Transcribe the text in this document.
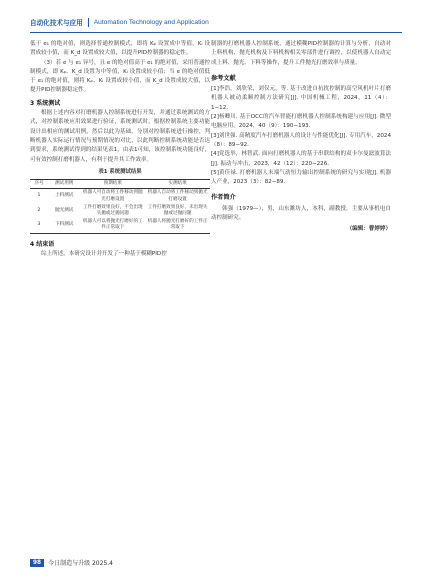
自动化技术与应用 Automation Technology and Application

低于 e₁ 的绝对值，则选择普通控制模式，即将 Kₚ 设置成中等值，Kᵢ 设置成较小值，而 K_d 设置成较大值，以提升PID控制器的稳定性。

（3）若 e 与 e₁ 异号，且 e 的绝对值高于 e₁ 的绝对值，采用普通控制模式，即 Kₚ、K_d 设置为中等值，Kᵢ 设置成较小值；当 e 的绝对值低于 e₁ 的绝对值，则将 Kₚ、Kᵢ 设置成较小值，而 K_d 设置成较大值，以提升PID控制器稳定性。

3 系统测试

根据上述内容对打磨机器人控制系统进行开发，并通过系统测试的方式，对控制系统应用效果进行验证，系统测试时，根据控制系统主要功能设计出相应的测试用例，然后以此为基础，分别对控制系统进行操控，判断机器人实际运行情况与预期情况的对比，以此判断控制系统功能是否达到要求，系统测试得到的结果见表1，由表1可知，该控制系统功能良好，可有效控制打磨机器人，有利于提升其工作效率。

表1 系统测试结果
序号	测试用例	预期结果	实测结果
1	上料测试	机器人可自动将工件移动到抛光打磨设置	机器人自动将工件移动到抛光打磨设置
2	抛光测试	工件打磨效果良好，不会出现失抛或过抛问题	工件打磨效果良好，未出现失抛或过抛问题
3	下料测试	机器人可以将抛光打磨好的工件正常取下	机器人将抛光打磨好的工件正常取下
4 结束语

综上所述，本研究设计并开发了一种基于模糊PID控

制器的打磨机器人控制系统，通过模糊PID控制器的计算与分析，自动对上料机构、抛光机构及下料机构相关零部件进行调控，以使机器人自动完成上料、抛光、下料等操作，提升工件抛光打磨效率与质量。

参考文献

[1]李浩，刘欣荣，刘仅元，等. 基于改进自抗扰控制的高空风机叶片打磨机器人被动柔顺控制方法研究[J]. 中国机械工程，2024，11（4）：1−12.

[2]杨卿川. 基于OCC的汽车智能打磨机器人控制系统构建与应用[J]. 微型电脑应用，2024，40（9）：190−193.

[3]刘世强. 高精度汽车打磨机器人的设计与性能优化[J]. 专用汽车，2024（8）：89−92.

[4]党选举，林智武. 面向打磨机器人的基于串联结构的双卡尔曼滤波算法[J]. 振动与冲击，2023，42（12）：220−226.

[5]黄佳禄. 打磨机器人末端气动恒力输出控制系统的研究与实现[J]. 机器人产业，2023（3）：82−89.

作者简介

韩强（1979—），男，山东潍坊人，本科，副教授。主要从事机电自动控制研究。

（编辑：曹婷婷）
98	今日制造与升级 2025.4
